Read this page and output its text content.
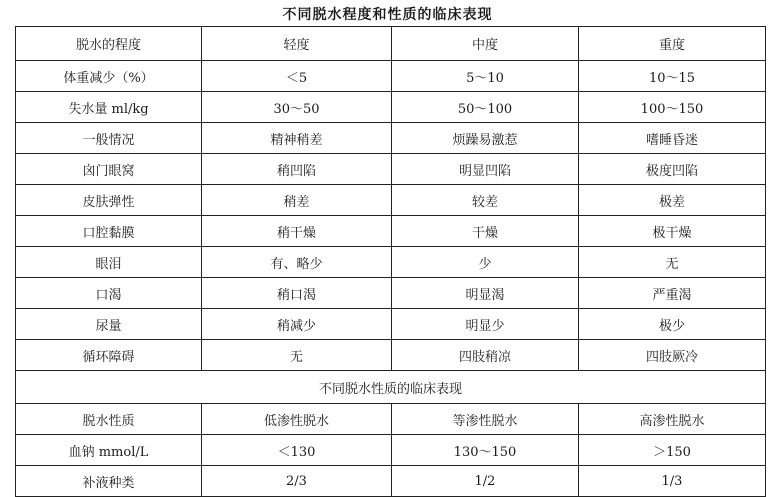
不同脱水程度和性质的临床表现
脱水的程度	轻度	中度	重度
体重减少（%）	＜5	5～10	10～15
失水量 ml/kg	30～50	50～100	100～150
一般情况	精神稍差	烦躁易激惹	嗜睡昏迷
囟门眼窝	稍凹陷	明显凹陷	极度凹陷
皮肤弹性	稍差	较差	极差
口腔黏膜	稍干燥	干燥	极干燥
眼泪	有、略少	少	无
口渴	稍口渴	明显渴	严重渴
尿量	稍减少	明显少	极少
循环障碍	无	四肢稍凉	四肢厥冷
不同脱水性质的临床表现			
脱水性质	低渗性脱水	等渗性脱水	高渗性脱水
血钠 mmol/L	＜130	130～150	＞150
补液种类	2/3	1/2	1/3
